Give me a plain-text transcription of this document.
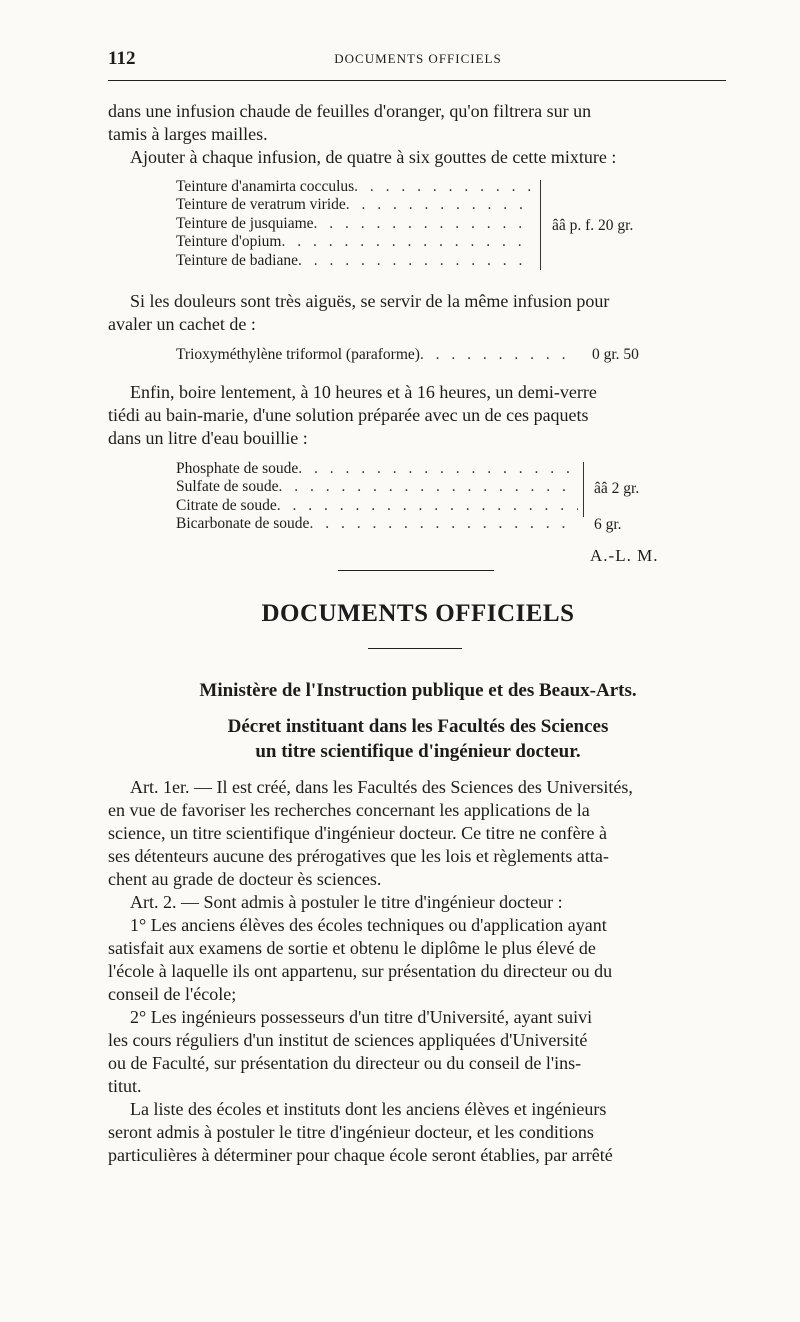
112	DOCUMENTS OFFICIELS

dans une infusion chaude de feuilles d'oranger, qu'on filtrera sur un

tamis à larges mailles.

Ajouter à chaque infusion, de quatre à six gouttes de cette mixture :

Teinture d'anamirta cocculus
. . .
Teinture de veratrum viride
. . .
Teinture de jusquiame
. . .
Teinture d'opium
. . .
Teinture de badiane
. . .
ââ p. f. 20 gr.

Si les douleurs sont très aiguës, se servir de la même infusion pour

avaler un cachet de :

Trioxyméthylène triformol (paraforme)
. . .	0 gr. 50

Enfin, boire lentement, à 10 heures et à 16 heures, un demi-verre

tiédi au bain-marie, d'une solution préparée avec un de ces paquets

dans un litre d'eau bouillie :

Phosphate de soude
. . .
Sulfate de soude
. . .
Citrate de soude
. . .
Bicarbonate de soude
. . .
ââ 2 gr.
6 gr.
A.-L. M.
DOCUMENTS OFFICIELS
Ministère de l'Instruction publique et des Beaux-Arts.
Décret instituant dans les Facultés des Sciences
un titre scientifique d'ingénieur docteur.

Art. 1er. — Il est créé, dans les Facultés des Sciences des Universités,

en vue de favoriser les recherches concernant les applications de la

science, un titre scientifique d'ingénieur docteur. Ce titre ne confère à

ses détenteurs aucune des prérogatives que les lois et règlements atta-

chent au grade de docteur ès sciences.

Art. 2. — Sont admis à postuler le titre d'ingénieur docteur :

1° Les anciens élèves des écoles techniques ou d'application ayant

satisfait aux examens de sortie et obtenu le diplôme le plus élevé de

l'école à laquelle ils ont appartenu, sur présentation du directeur ou du

conseil de l'école;

2° Les ingénieurs possesseurs d'un titre d'Université, ayant suivi

les cours réguliers d'un institut de sciences appliquées d'Université

ou de Faculté, sur présentation du directeur ou du conseil de l'ins-

titut.

La liste des écoles et instituts dont les anciens élèves et ingénieurs

seront admis à postuler le titre d'ingénieur docteur, et les conditions

particulières à déterminer pour chaque école seront établies, par arrêté
